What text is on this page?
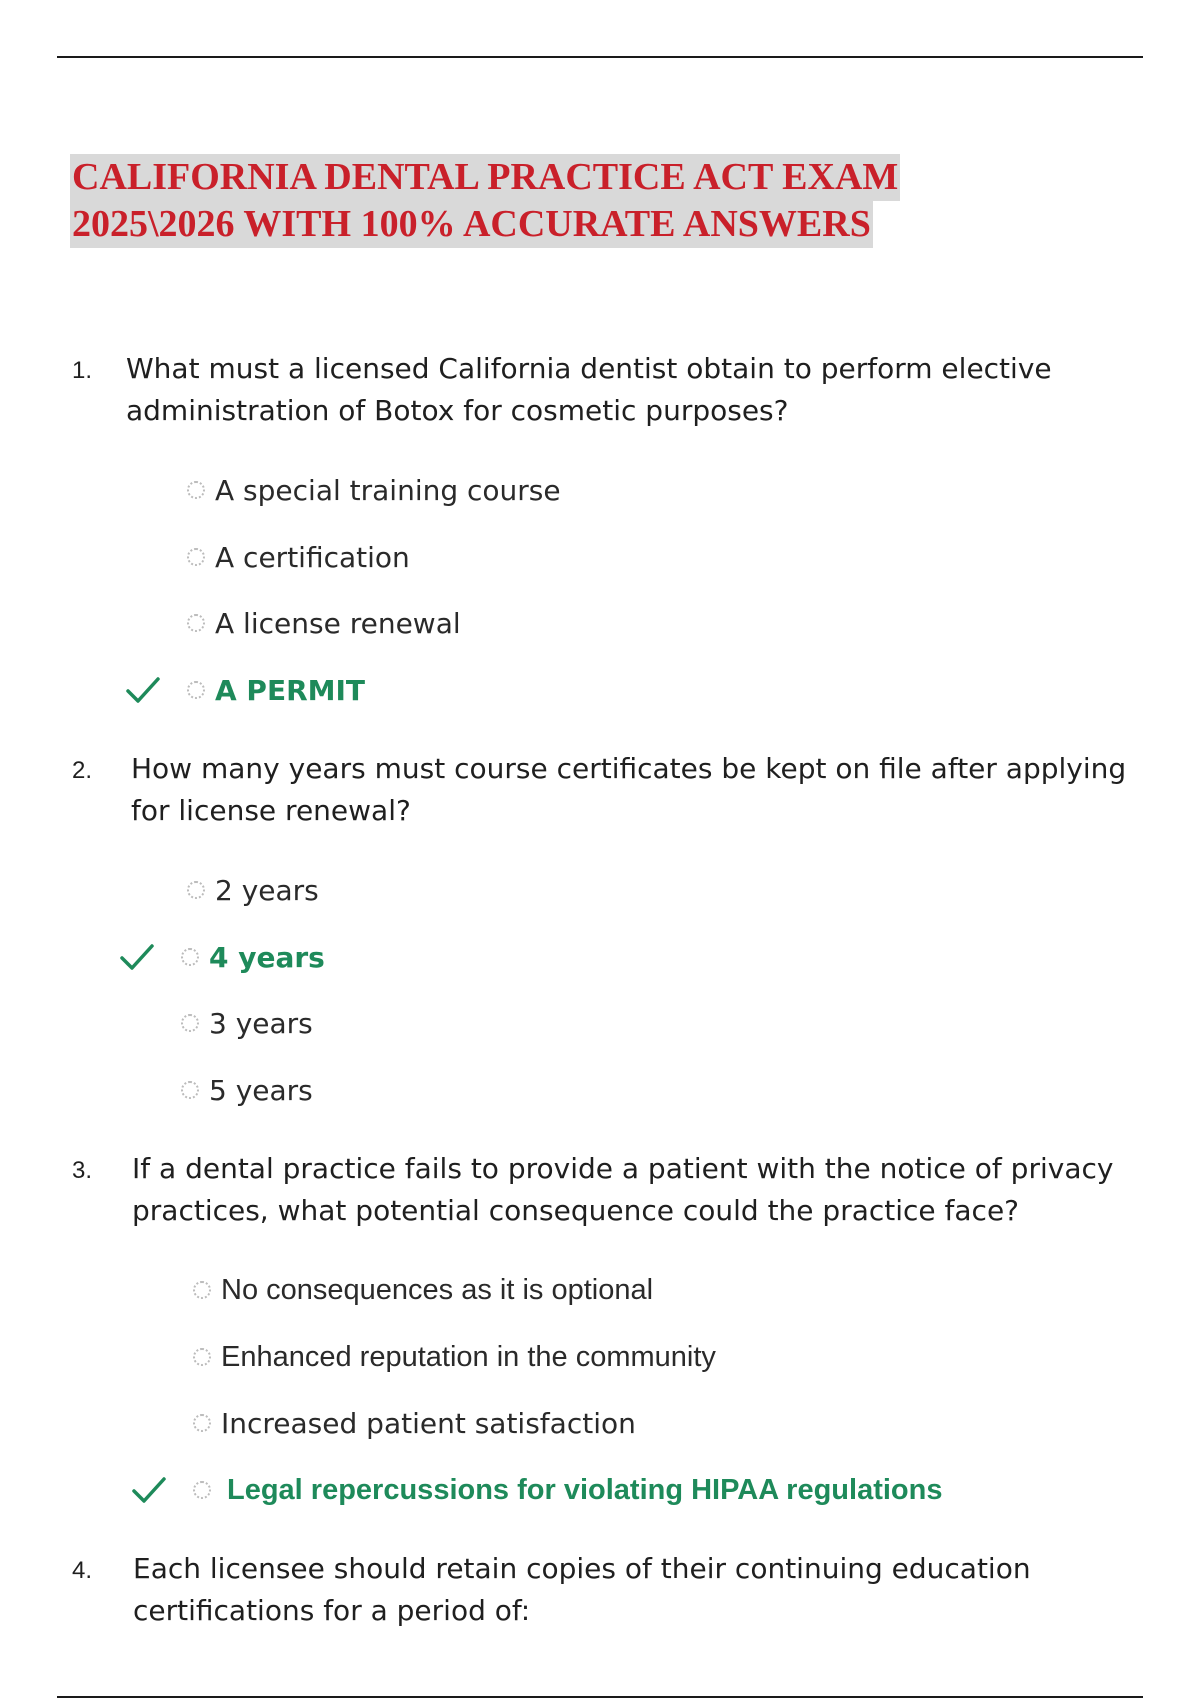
CALIFORNIA DENTAL PRACTICE ACT EXAM
2025\2026 WITH 100% ACCURATE ANSWERS
1. What must a licensed California dentist obtain to perform elective
administration of Botox for cosmetic purposes?

A special training course
A certification
A license renewal
A PERMIT
2. How many years must course certificates be kept on file after applying
for license renewal?

2 years
4 years
3 years
5 years
3. If a dental practice fails to provide a patient with the notice of privacy
practices, what potential consequence could the practice face?

No consequences as it is optional
Enhanced reputation in the community
Increased patient satisfaction
Legal repercussions for violating HIPAA regulations
4. Each licensee should retain copies of their continuing education
certifications for a period of:
